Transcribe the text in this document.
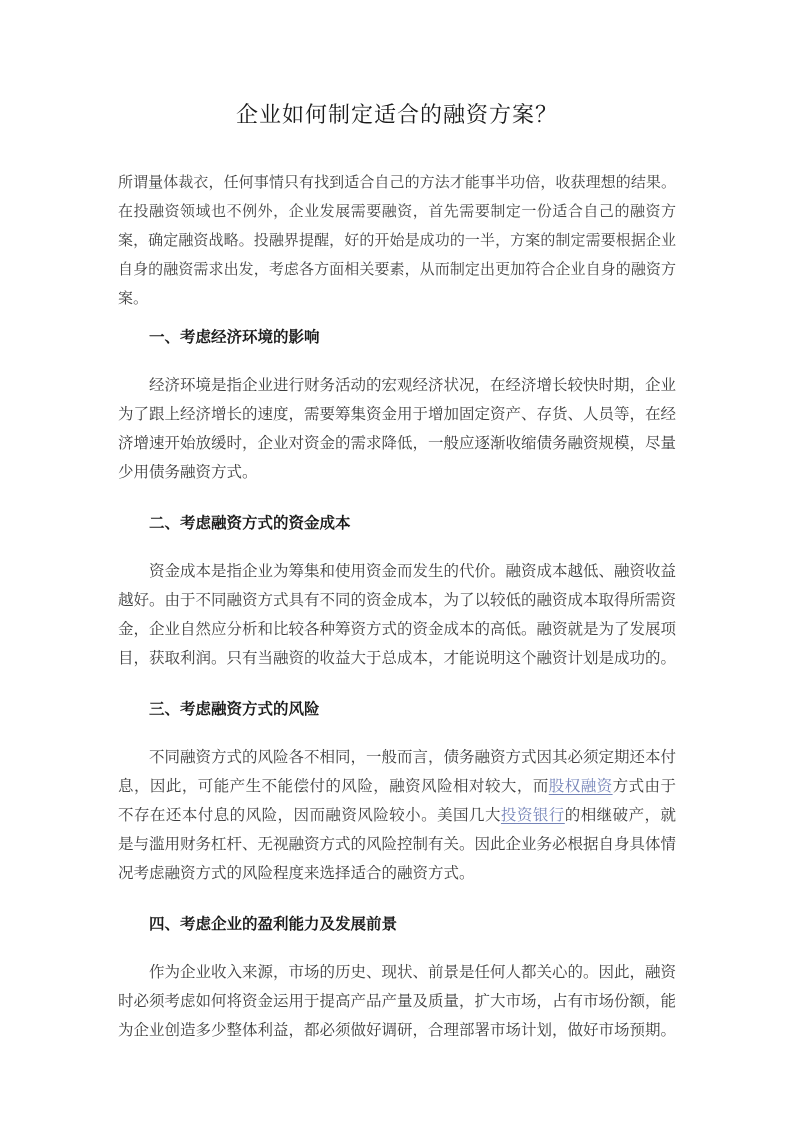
企业如何制定适合的融资方案？

所谓量体裁衣，任何事情只有找到适合自己的方法才能事半功倍，收获理想的结果。在投融资领域也不例外，企业发展需要融资，首先需要制定一份适合自己的融资方案，确定融资战略。投融界提醒，好的开始是成功的一半，方案的制定需要根据企业自身的融资需求出发，考虑各方面相关要素，从而制定出更加符合企业自身的融资方案。

一、考虑经济环境的影响

经济环境是指企业进行财务活动的宏观经济状况，在经济增长较快时期，企业为了跟上经济增长的速度，需要筹集资金用于增加固定资产、存货、人员等，在经济增速开始放缓时，企业对资金的需求降低，一般应逐渐收缩债务融资规模，尽量少用债务融资方式。

二、考虑融资方式的资金成本

资金成本是指企业为筹集和使用资金而发生的代价。融资成本越低、融资收益越好。由于不同融资方式具有不同的资金成本，为了以较低的融资成本取得所需资金，企业自然应分析和比较各种筹资方式的资金成本的高低。融资就是为了发展项目，获取利润。只有当融资的收益大于总成本，才能说明这个融资计划是成功的。

三、考虑融资方式的风险

不同融资方式的风险各不相同，一般而言，债务融资方式因其必须定期还本付息，因此，可能产生不能偿付的风险，融资风险相对较大，而股权融资方式由于不存在还本付息的风险，因而融资风险较小。美国几大投资银行的相继破产，就是与滥用财务杠杆、无视融资方式的风险控制有关。因此企业务必根据自身具体情况考虑融资方式的风险程度来选择适合的融资方式。

四、考虑企业的盈利能力及发展前景

作为企业收入来源，市场的历史、现状、前景是任何人都关心的。因此，融资时必须考虑如何将资金运用于提高产品产量及质量，扩大市场，占有市场份额，能为企业创造多少整体利益，都必须做好调研，合理部署市场计划，做好市场预期。
